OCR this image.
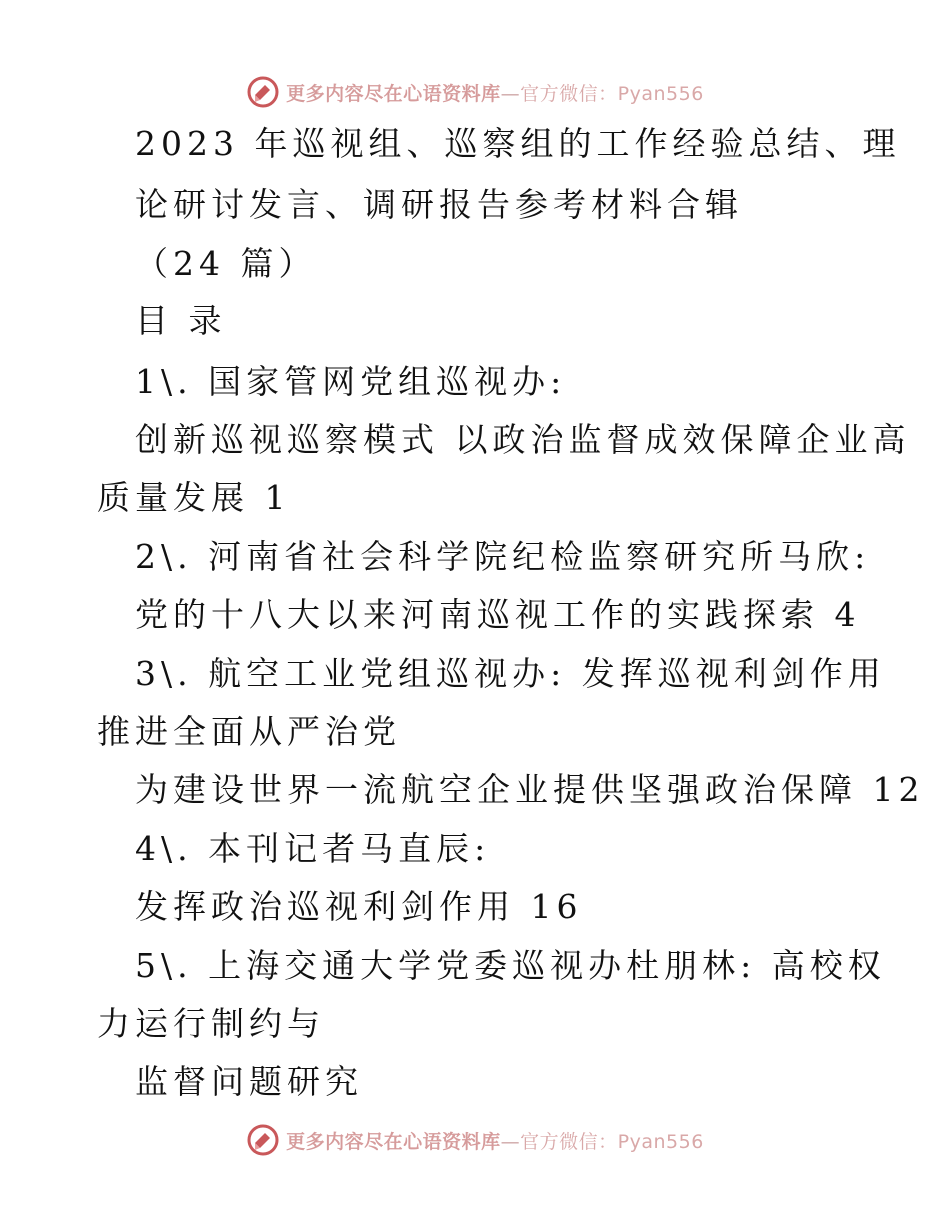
更多内容尽在心语资料库—官方微信：Pyan556
2023 年巡视组、巡察组的工作经验总结、理
论研讨发言、调研报告参考材料合辑
（24 篇）
目 录
1\. 国家管网党组巡视办:
创新巡视巡察模式 以政治监督成效保障企业高
质量发展 1
2\. 河南省社会科学院纪检监察研究所马欣:
党的十八大以来河南巡视工作的实践探索 4
3\. 航空工业党组巡视办: 发挥巡视利剑作用
推进全面从严治党
为建设世界一流航空企业提供坚强政治保障 12
4\. 本刊记者马直辰:
发挥政治巡视利剑作用 16
5\. 上海交通大学党委巡视办杜朋林: 高校权
力运行制约与
监督问题研究
更多内容尽在心语资料库—官方微信：Pyan556
